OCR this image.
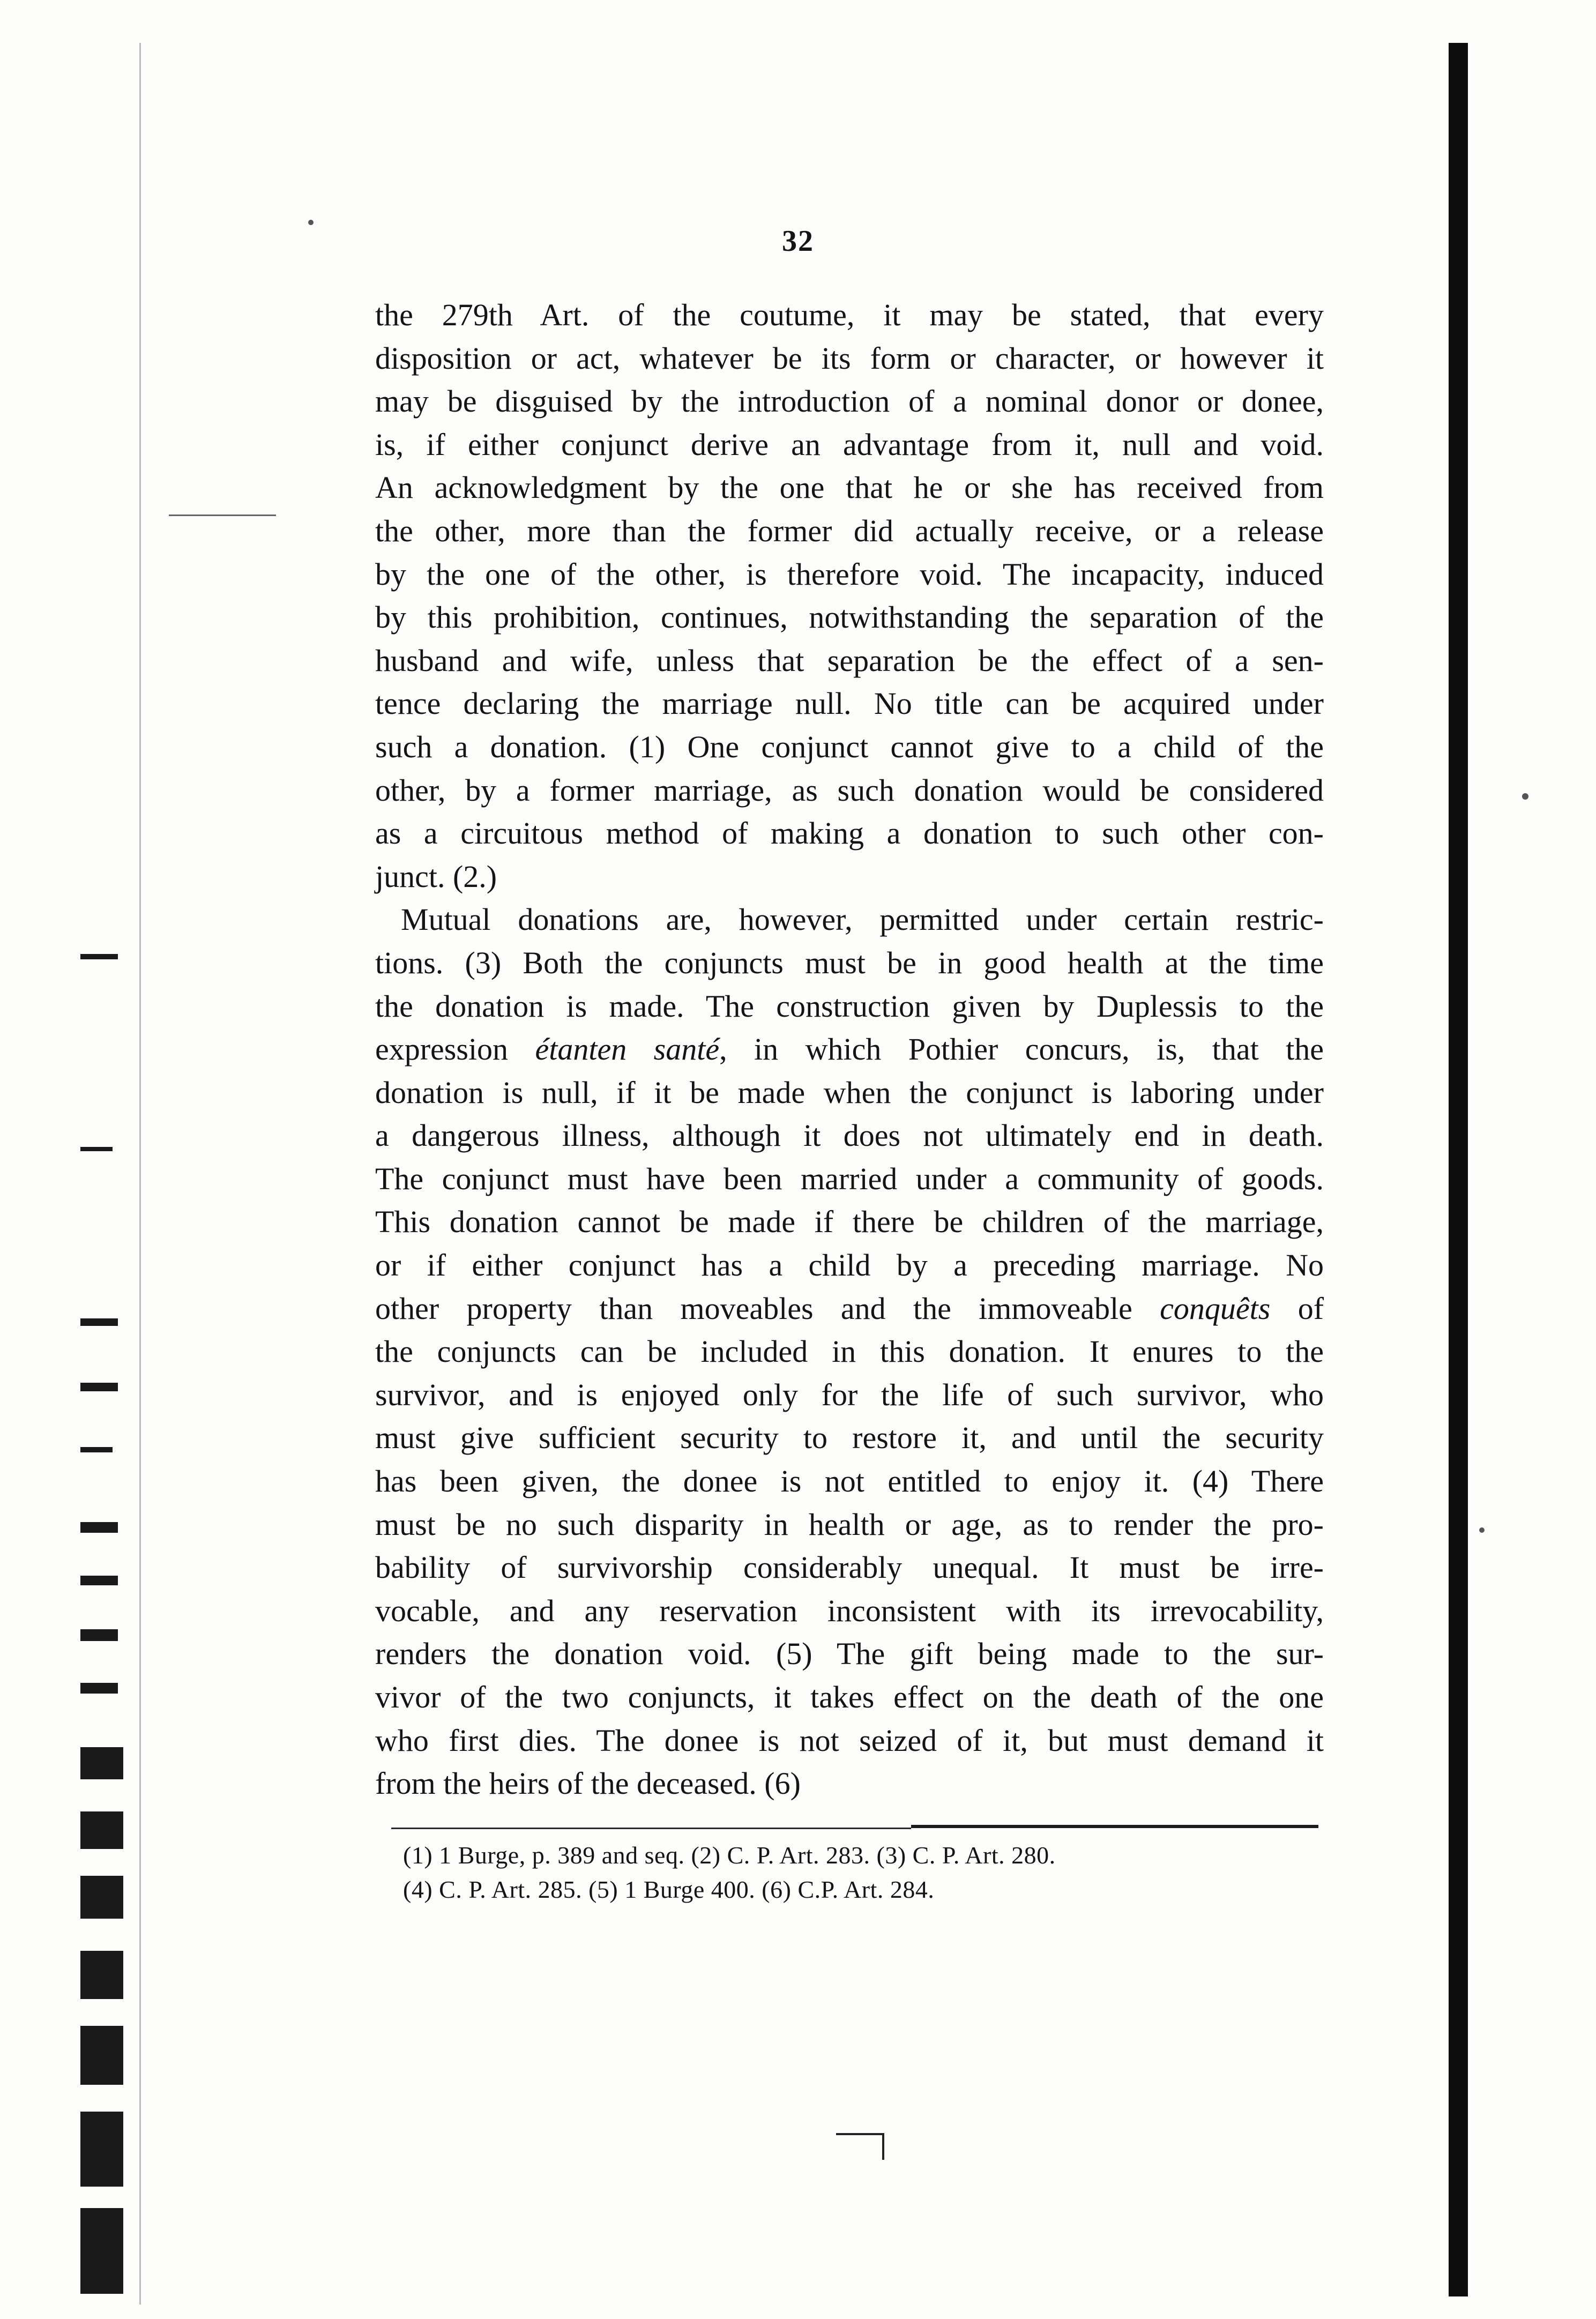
32
the 279th Art. of the coutume, it may be stated, that every
disposition or act, whatever be its form or character, or however it
may be disguised by the introduction of a nominal donor or donee,
is, if either conjunct derive an advantage from it, null and void.
An acknowledgment by the one that he or she has received from
the other, more than the former did actually receive, or a release
by the one of the other, is therefore void. The incapacity, induced
by this prohibition, continues, notwithstanding the separation of the
husband and wife, unless that separation be the effect of a sen-
tence declaring the marriage null. No title can be acquired under
such a donation. (1) One conjunct cannot give to a child of the
other, by a former marriage, as such donation would be considered
as a circuitous method of making a donation to such other con-
junct. (2.)
Mutual donations are, however, permitted under certain restric-
tions. (3) Both the conjuncts must be in good health at the time
the donation is made. The construction given by Duplessis to the
expression étanten santé, in which Pothier concurs, is, that the
donation is null, if it be made when the conjunct is laboring under
a dangerous illness, although it does not ultimately end in death.
The conjunct must have been married under a community of goods.
This donation cannot be made if there be children of the marriage,
or if either conjunct has a child by a preceding marriage. No
other property than moveables and the immoveable conquêts of
the conjuncts can be included in this donation. It enures to the
survivor, and is enjoyed only for the life of such survivor, who
must give sufficient security to restore it, and until the security
has been given, the donee is not entitled to enjoy it. (4) There
must be no such disparity in health or age, as to render the pro-
bability of survivorship considerably unequal. It must be irre-
vocable, and any reservation inconsistent with its irrevocability,
renders the donation void. (5) The gift being made to the sur-
vivor of the two conjuncts, it takes effect on the death of the one
who first dies. The donee is not seized of it, but must demand it
from the heirs of the deceased. (6)
(1) 1 Burge, p. 389 and seq. (2) C. P. Art. 283. (3) C. P. Art. 280.
(4) C. P. Art. 285. (5) 1 Burge 400. (6) C.P. Art. 284.
